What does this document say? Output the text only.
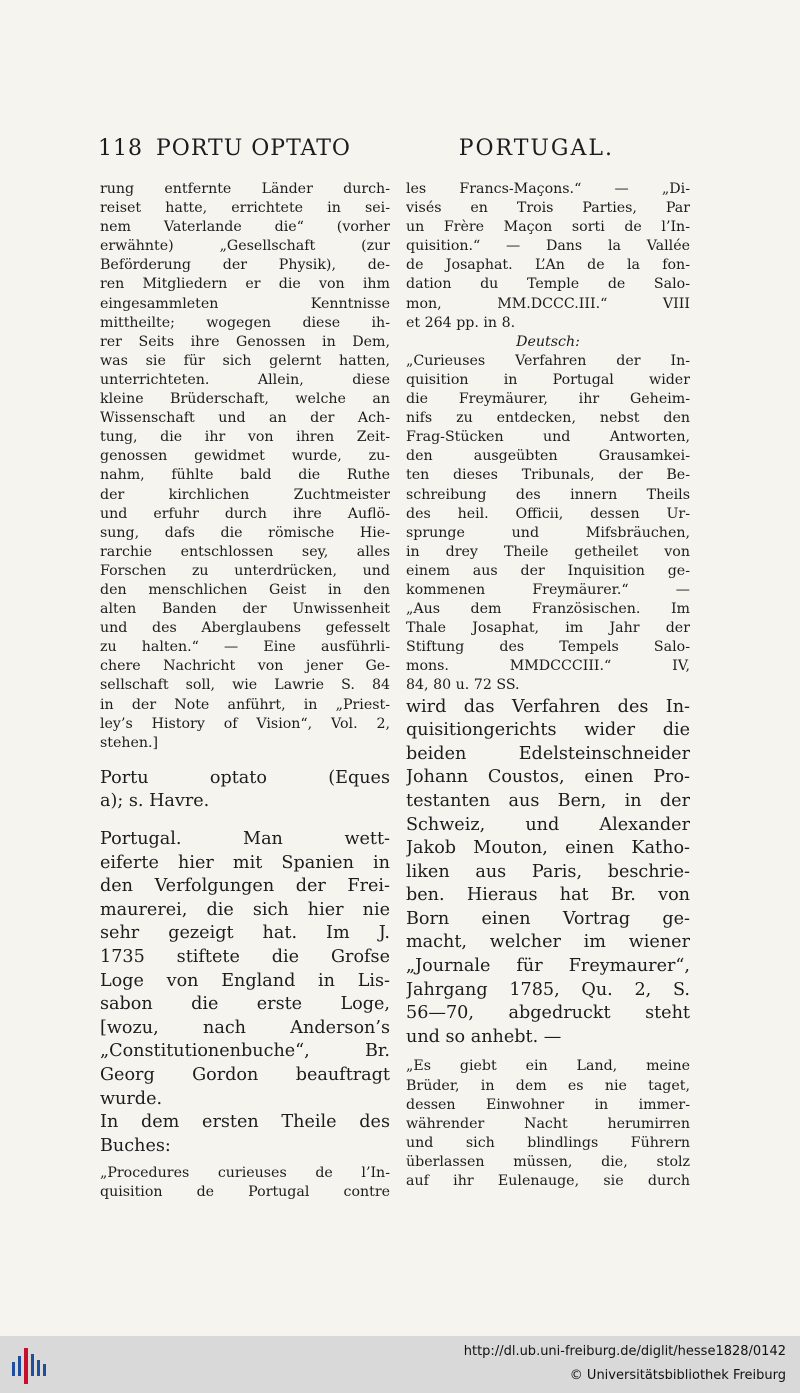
118 PORTU OPTATO	PORTUGAL.
rung entfernte Länder durch-
reiset hatte, errichtete in sei-
nem Vaterlande die“ (vorher
erwähnte) „Gesellschaft (zur
Beförderung der Physik), de-
ren Mitgliedern er die von ihm
eingesammleten Kenntnisse
mittheilte; wogegen diese ih-
rer Seits ihre Genossen in Dem,
was sie für sich gelernt hatten,
unterrichteten. Allein, diese
kleine Brüderschaft, welche an
Wissenschaft und an der Ach-
tung, die ihr von ihren Zeit-
genossen gewidmet wurde, zu-
nahm, fühlte bald die Ruthe
der kirchlichen Zuchtmeister
und erfuhr durch ihre Auflö-
sung, dafs die römische Hie-
rarchie entschlossen sey, alles
Forschen zu unterdrücken, und
den menschlichen Geist in den
alten Banden der Unwissenheit
und des Aberglaubens gefesselt
zu halten.“ — Eine ausführli-
chere Nachricht von jener Ge-
sellschaft soll, wie Lawrie S. 84
in der Note anführt, in „Priest-
ley’s History of Vision“, Vol. 2,
stehen.]
Portu optato (Eques
a); s. Havre.
Portugal. Man wett-
eiferte hier mit Spanien in
den Verfolgungen der Frei-
maurerei, die sich hier nie
sehr gezeigt hat. Im J.
1735 stiftete die Grofse
Loge von England in Lis-
sabon die erste Loge,
[wozu, nach Anderson’s
„Constitutionenbuche“, Br.
Georg Gordon beauftragt
wurde.
In dem ersten Theile des
Buches:
„Procedures curieuses de l’In-
quisition de Portugal contre
les Francs-Maçons.“ — „Di-
visés en Trois Parties, Par
un Frère Maçon sorti de l’In-
quisition.“ — Dans la Vallée
de Josaphat. L’An de la fon-
dation du Temple de Salo-
mon, MM.DCCC.III.“ VIII
et 264 pp. in 8.
Deutsch:
„Curieuses Verfahren der In-
quisition in Portugal wider
die Freymäurer, ihr Geheim-
nifs zu entdecken, nebst den
Frag-Stücken und Antworten,
den ausgeübten Grausamkei-
ten dieses Tribunals, der Be-
schreibung des innern Theils
des heil. Officii, dessen Ur-
sprunge und Mifsbräuchen,
in drey Theile getheilet von
einem aus der Inquisition ge-
kommenen Freymäurer.“ —
„Aus dem Französischen. Im
Thale Josaphat, im Jahr der
Stiftung des Tempels Salo-
mons. MMDCCCIII.“ IV,
84, 80 u. 72 SS.
wird das Verfahren des In-
quisitiongerichts wider die
beiden Edelsteinschneider
Johann Coustos, einen Pro-
testanten aus Bern, in der
Schweiz, und Alexander
Jakob Mouton, einen Katho-
liken aus Paris, beschrie-
ben. Hieraus hat Br. von
Born einen Vortrag ge-
macht, welcher im wiener
„Journale für Freymaurer“,
Jahrgang 1785, Qu. 2, S.
56—70, abgedruckt steht
und so anhebt. —
„Es giebt ein Land, meine
Brüder, in dem es nie taget,
dessen Einwohner in immer-
währender Nacht herumirren
und sich blindlings Führern
überlassen müssen, die, stolz
auf ihr Eulenauge, sie durch
http://dl.ub.uni-freiburg.de/diglit/hesse1828/0142
© Universitätsbibliothek Freiburg
